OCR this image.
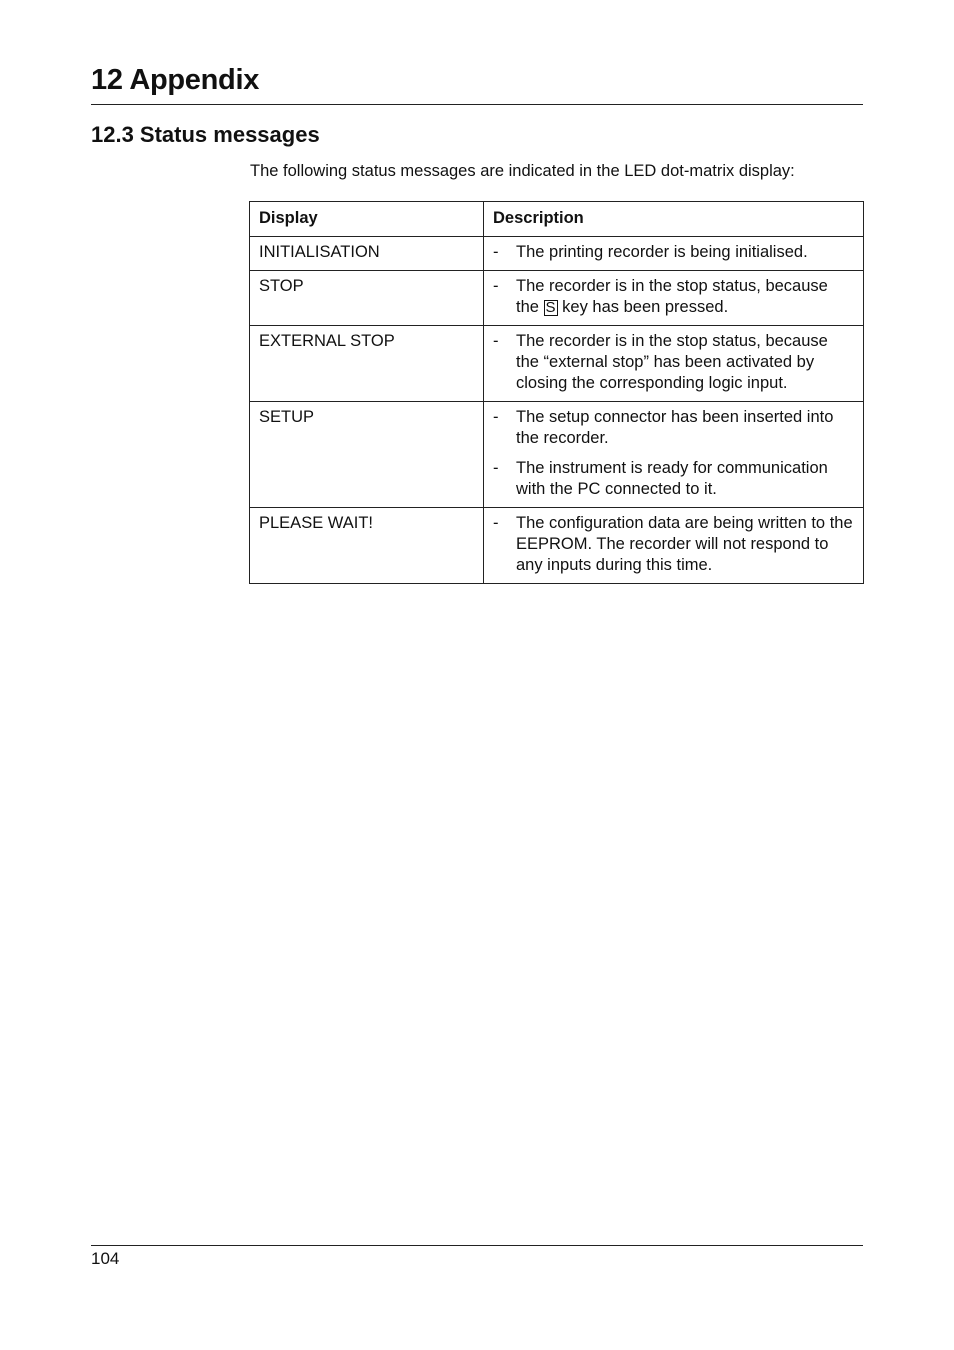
12 Appendix
12.3 Status messages

The following status messages are indicated in the LED dot-matrix display:

Display	Description
INITIALISATION	- The printing recorder is being initialised.

STOP	- The recorder is in the stop status, because the S key has been pressed.

EXTERNAL STOP	- The recorder is in the stop status, because the “external stop” has been activated by closing the corresponding logic input.

SETUP	- The setup connector has been inserted into the recorder.
- The instrument is ready for communication with the PC connected to it.

PLEASE WAIT!	- The configuration data are being written to the EEPROM. The recorder will not respond to any inputs during this time.

104
